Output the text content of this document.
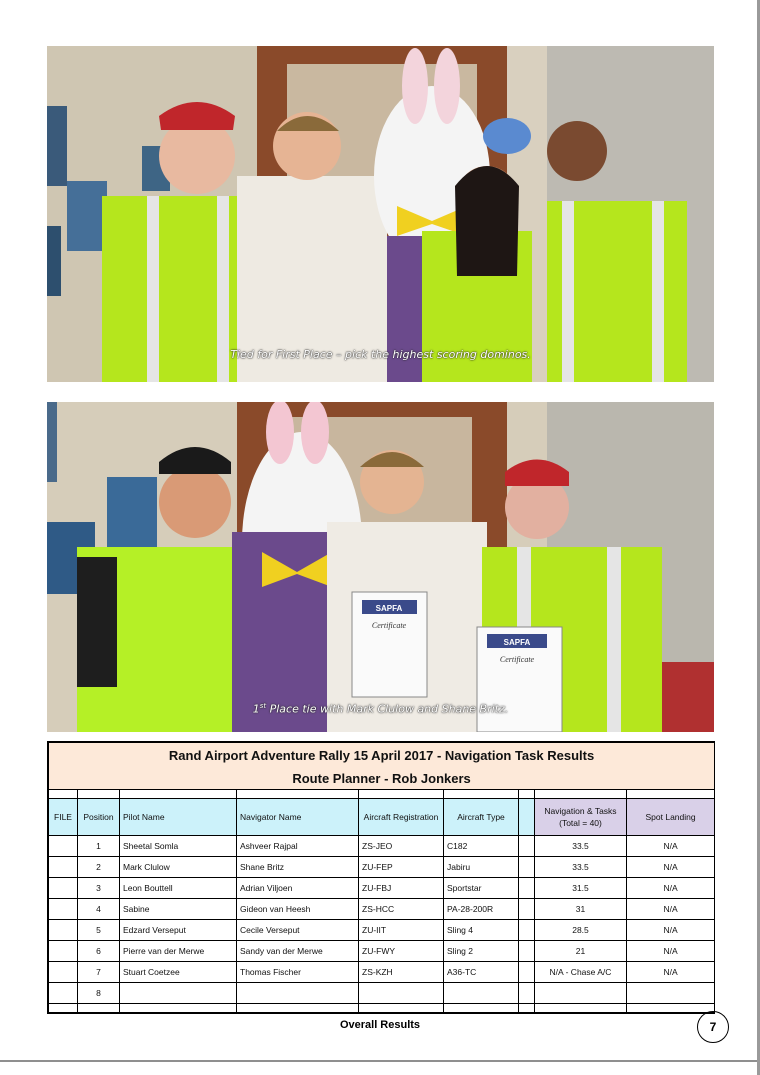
Tied for First Place – pick the highest scoring dominos.
SAPFA
Certificate
SAPFA
Certificate
1st Place tie with Mark Clulow and Shane Britz.
Rand Airport Adventure Rally 15 April 2017 - Navigation Task Results								
Route Planner - Rob Jonkers								

FILE	Position	Pilot Name	Navigator Name	Aircraft Registration	Aircraft Type		Navigation & Tasks (Total = 40)	Spot Landing
	1	Sheetal Somla	Ashveer Rajpal	ZS-JEO	C182		33.5	N/A
	2	Mark Clulow	Shane Britz	ZU-FEP	Jabiru		33.5	N/A
	3	Leon Bouttell	Adrian Viljoen	ZU-FBJ	Sportstar		31.5	N/A
	4	Sabine	Gideon van Heesh	ZS-HCC	PA-28-200R		31	N/A
	5	Edzard Verseput	Cecile Verseput	ZU-IIT	Sling 4		28.5	N/A
	6	Pierre van der Merwe	Sandy van der Merwe	ZU-FWY	Sling 2		21	N/A
	7	Stuart Coetzee	Thomas Fischer	ZS-KZH	A36-TC		N/A - Chase A/C	N/A
	8							

Overall Results	7
